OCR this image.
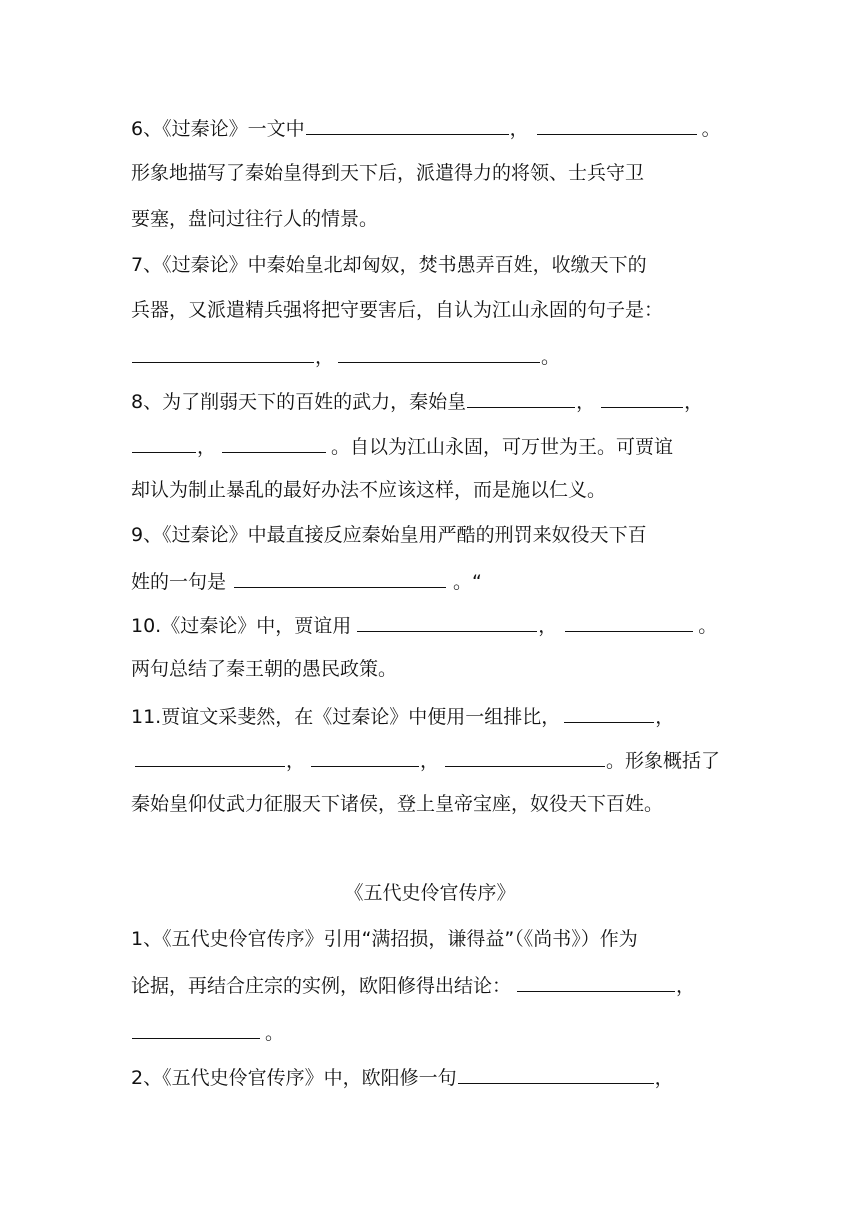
6、《过秦论》一文中	，	。
形象地描写了秦始皇得到天下后，派遣得力的将领、士兵守卫
要塞，盘问过往行人的情景。
7、《过秦论》中秦始皇北却匈奴，焚书愚弄百姓，收缴天下的
兵器，又派遣精兵强将把守要害后，自认为江山永固的句子是：
，	。
8、为了削弱天下的百姓的武力，秦始皇	，	，
，	。自以为江山永固，可万世为王。可贾谊
却认为制止暴乱的最好办法不应该这样，而是施以仁义。
9、《过秦论》中最直接反应秦始皇用严酷的刑罚来奴役天下百
姓的一句是	。“
10.《过秦论》中，贾谊用	，	。
两句总结了秦王朝的愚民政策。
11.贾谊文采斐然，在《过秦论》中便用一组排比，	，
，	，	。形象概括了
秦始皇仰仗武力征服天下诸侯，登上皇帝宝座，奴役天下百姓。
《五代史伶官传序》
1、《五代史伶官传序》引用“满招损，谦得益”（《尚书》）作为
论据，再结合庄宗的实例，欧阳修得出结论：	，
。
2、《五代史伶官传序》中，欧阳修一句	，
